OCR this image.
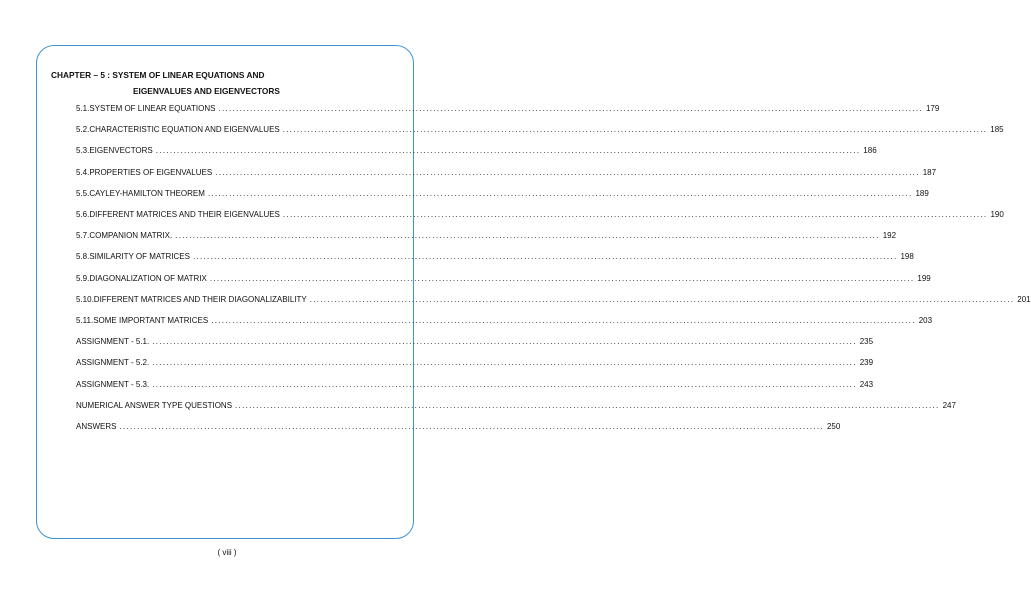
CHAPTER – 5 : SYSTEM OF LINEAR EQUATIONS AND
EIGENVALUES AND EIGENVECTORS
5.1. SYSTEM OF LINEAR EQUATIONS ........................................................................................................................................................................................................ 179
5.2. CHARACTERISTIC EQUATION AND EIGENVALUES ........................................................................................................................................................................................................ 185
5.3. EIGENVECTORS ........................................................................................................................................................................................................ 186
5.4. PROPERTIES OF EIGENVALUES ........................................................................................................................................................................................................ 187
5.5. CAYLEY-HAMILTON THEOREM ........................................................................................................................................................................................................ 189
5.6. DIFFERENT MATRICES AND THEIR EIGENVALUES ........................................................................................................................................................................................................ 190
5.7. COMPANION MATRIX. ........................................................................................................................................................................................................ 192
5.8. SIMILARITY OF MATRICES ........................................................................................................................................................................................................ 198
5.9. DIAGONALIZATION OF MATRIX ........................................................................................................................................................................................................ 199
5.10. DIFFERENT MATRICES AND THEIR DIAGONALIZABILITY ........................................................................................................................................................................................................ 201
5.11. SOME IMPORTANT MATRICES ........................................................................................................................................................................................................ 203
ASSIGNMENT - 5.1. ........................................................................................................................................................................................................ 235
ASSIGNMENT - 5.2. ........................................................................................................................................................................................................ 239
ASSIGNMENT - 5.3. ........................................................................................................................................................................................................ 243
NUMERICAL ANSWER TYPE QUESTIONS ........................................................................................................................................................................................................ 247
ANSWERS ........................................................................................................................................................................................................ 250
( viii )
